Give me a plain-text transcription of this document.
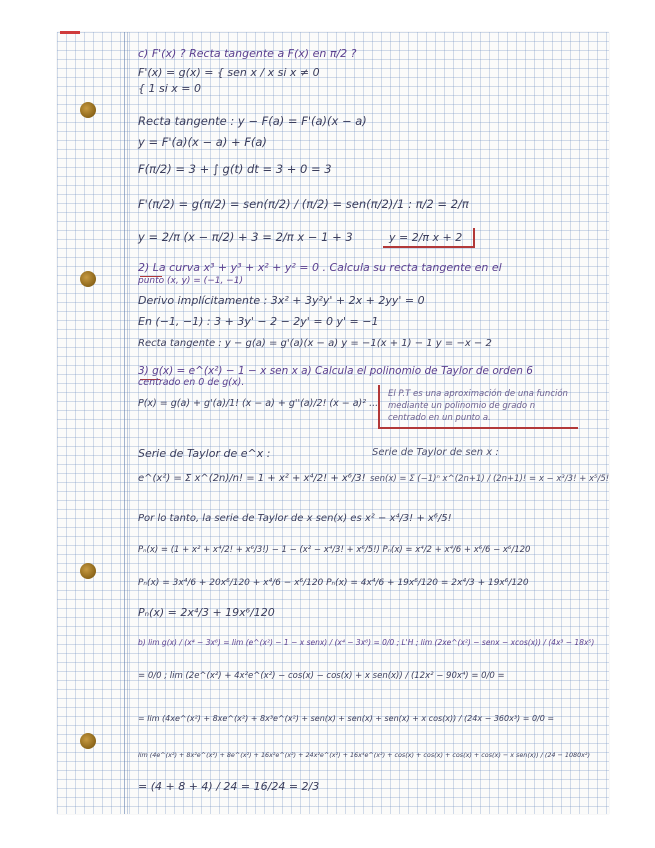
c) F'(x) ? Recta tangente a F(x) en π/2 ?
F'(x) = g(x) = { sen x / x si x ≠ 0
{ 1 si x = 0
Recta tangente : y − F(a) = F'(a)(x − a)
y = F'(a)(x − a) + F(a)
F(π/2) = 3 + ∫ g(t) dt = 3 + 0 = 3
F'(π/2) = g(π/2) = sen(π/2) / (π/2) = sen(π/2)/1 : π/2 = 2/π
y = 2/π (x − π/2) + 3 = 2/π x − 1 + 3	y = 2/π x + 2
2) La curva x³ + y³ + x² + y² = 0 . Calcula su recta tangente en el
punto (x, y) = (−1, −1)
Derivo implícitamente : 3x² + 3y²y' + 2x + 2yy' = 0
En (−1, −1) : 3 + 3y' − 2 − 2y' = 0 y' = −1
Recta tangente : y − g(a) = g'(a)(x − a) y = −1(x + 1) − 1 y = −x − 2
3) g(x) = e^(x²) − 1 − x sen x a) Calcula el polinomio de Taylor de orden 6
centrado en 0 de g(x).
P(x) = g(a) + g'(a)/1! (x − a) + g''(a)/2! (x − a)² ...
El P.T es una aproximación de una función mediante un polinomio de grado n centrado en un punto a.
Serie de Taylor de e^x :	Serie de Taylor de sen x :
e^(x²) = Σ x^(2n)/n! = 1 + x² + x⁴/2! + x⁶/3! sen(x) = Σ (−1)ⁿ x^(2n+1) / (2n+1)! = x − x³/3! + x⁵/5!
Por lo tanto, la serie de Taylor de x sen(x) es x² − x⁴/3! + x⁶/5!
Pₙ(x) = (1 + x² + x⁴/2! + x⁶/3!) − 1 − (x² − x⁴/3! + x⁶/5!) Pₙ(x) = x⁴/2 + x⁴/6 + x⁶/6 − x⁶/120
Pₙ(x) = 3x⁴/6 + 20x⁶/120 + x⁴/6 − x⁶/120 Pₙ(x) = 4x⁴/6 + 19x⁶/120 = 2x⁴/3 + 19x⁶/120
Pₙ(x) = 2x⁴/3 + 19x⁶/120
b) lim g(x) / (x⁴ − 3x⁶) = lim (e^(x²) − 1 − x senx) / (x⁴ − 3x⁶) = 0/0 ; L'H ; lim (2xe^(x²) − senx − xcos(x)) / (4x³ − 18x⁵)
= 0/0 ; lim (2e^(x²) + 4x²e^(x²) − cos(x) − cos(x) + x sen(x)) / (12x² − 90x⁴) = 0/0 =
= lim (4xe^(x²) + 8xe^(x²) + 8x³e^(x²) + sen(x) + sen(x) + sen(x) + x cos(x)) / (24x − 360x³) = 0/0 =
lim (4e^(x²) + 8x²e^(x²) + 8e^(x²) + 16x²e^(x²) + 24x²e^(x²) + 16x⁴e^(x²) + cos(x) + cos(x) + cos(x) + cos(x) − x sen(x)) / (24 − 1080x²)
= (4 + 8 + 4) / 24 = 16/24 = 2/3
